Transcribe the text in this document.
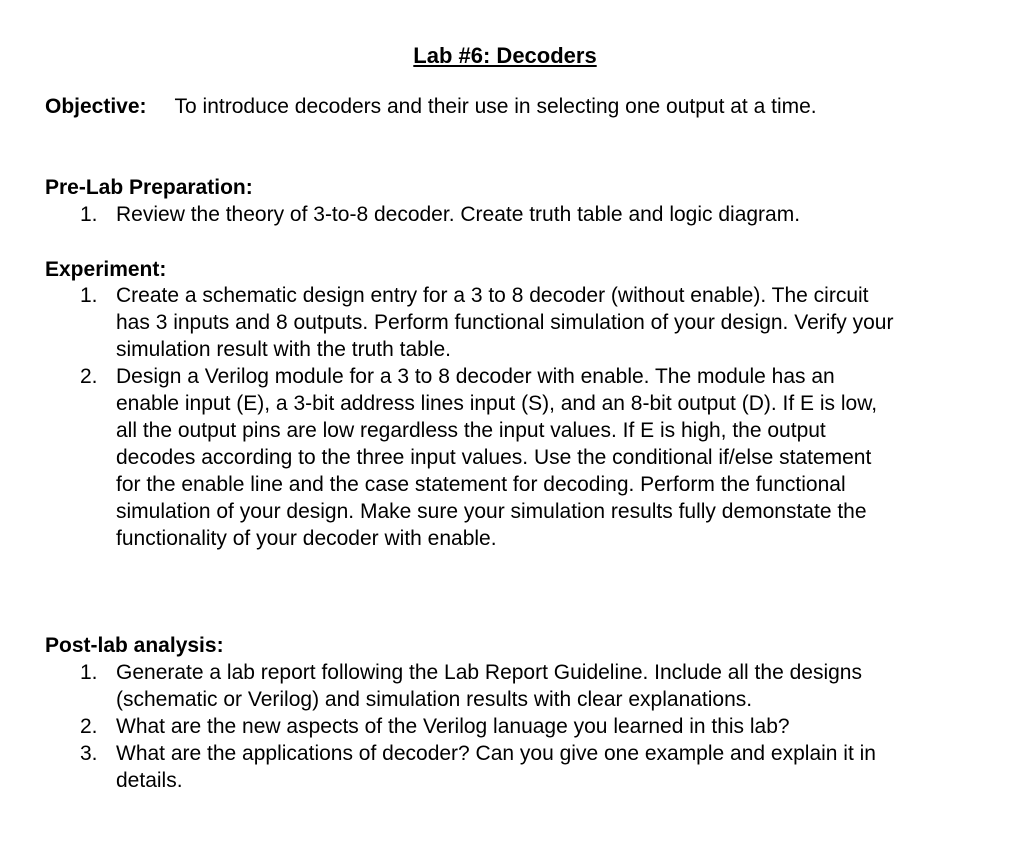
Lab #6: Decoders
Objective: To introduce decoders and their use in selecting one output at a time.
Pre-Lab Preparation:
1. Review the theory of 3-to-8 decoder. Create truth table and logic diagram.
Experiment:
1. Create a schematic design entry for a 3 to 8 decoder (without enable). The circuit has 3 inputs and 8 outputs. Perform functional simulation of your design. Verify your simulation result with the truth table.
2. Design a Verilog module for a 3 to 8 decoder with enable. The module has an enable input (E), a 3-bit address lines input (S), and an 8-bit output (D). If E is low, all the output pins are low regardless the input values. If E is high, the output decodes according to the three input values. Use the conditional if/else statement for the enable line and the case statement for decoding. Perform the functional simulation of your design. Make sure your simulation results fully demonstate the functionality of your decoder with enable.
Post-lab analysis:
1. Generate a lab report following the Lab Report Guideline. Include all the designs (schematic or Verilog) and simulation results with clear explanations.
2. What are the new aspects of the Verilog lanuage you learned in this lab?
3. What are the applications of decoder? Can you give one example and explain it in details.
